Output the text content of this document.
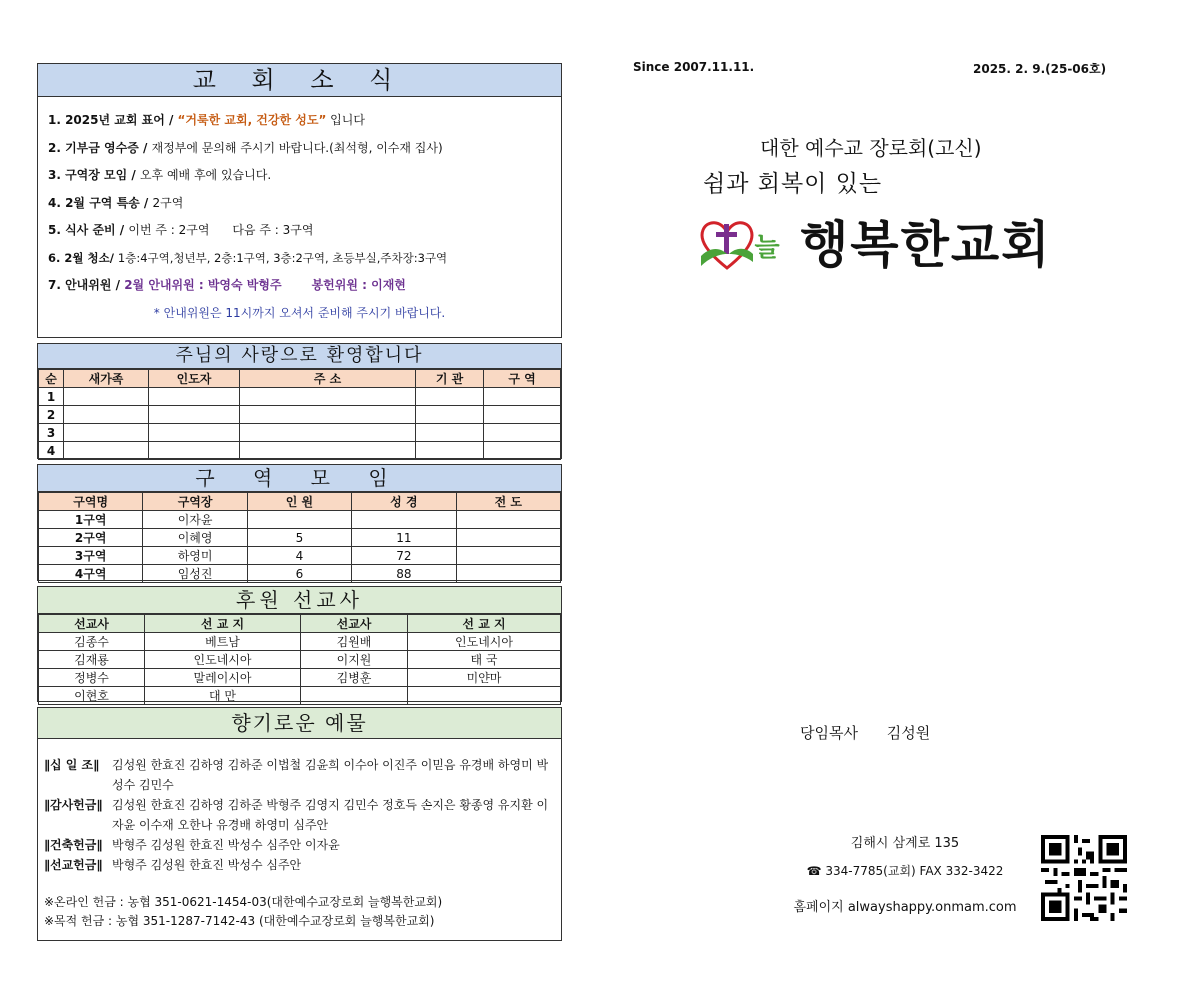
교 회 소 식
1. 2025년 교회 표어 / “거룩한 교회, 건강한 성도” 입니다
2. 기부금 영수증 / 재정부에 문의해 주시기 바랍니다.(최석형, 이수재 집사)
3. 구역장 모임 / 오후 예배 후에 있습니다.
4. 2월 구역 특송 / 2구역
5. 식사 준비 / 이번 주 : 2구역      다음 주 : 3구역
6. 2월 청소/ 1층:4구역,청년부, 2층:1구역, 3층:2구역, 초등부실,주차장:3구역
7. 안내위원 / 2월 안내위원 : 박영숙 박형주	봉헌위원 : 이재현
* 안내위원은 11시까지 오셔서 준비해 주시기 바랍니다.
주님의 사랑으로 환영합니다
순	새가족	인도자	주 소	기 관	구 역
1					
2					
3					
4					
구 역 모 임
구역명	구역장	인 원	성 경	전 도
1구역	이자윤			
2구역	이혜영	5	11	
3구역	하영미	4	72	
4구역	임성진	6	88	
후원 선교사
선교사	선 교 지	선교사	선 교 지
김종수	베트남	김원배	인도네시아
김재룡	인도네시아	이지원	태 국
정병수	말레이시아	김병훈	미얀마
이현호	대 만		
향기로운 예물
∥십 일 조∥	김성원 한효진 김하영 김하준 이법철 김윤희 이수아 이진주 이믿음 유경배 하영미 박성수 김민수
∥감사헌금∥ 김성원 한효진 김하영 김하준 박형주 김영지 김민수 정호득 손지은 황종영 유지환 이자윤 이수재 오한나 유경배 하영미 심주안
∥건축헌금∥ 박형주 김성원 한효진 박성수 심주안 이자윤
∥선교헌금∥ 박형주 김성원 한효진 박성수 심주안
※온라인 헌금 : 농협 351-0621-1454-03(대한예수교장로회 늘행복한교회)
※목적 헌금 : 농협 351-1287-7142-43 (대한예수교장로회 늘행복한교회)
Since 2007.11.11.	2025. 2. 9.(25-06호)
대한 예수교 장로회(고신)
쉼과 회복이 있는
늘 행복한교회
당임목사 김성원
김해시 삼계로 135
☎ 334-7785(교회) FAX 332-3422
홈페이지 alwayshappy.onmam.com
